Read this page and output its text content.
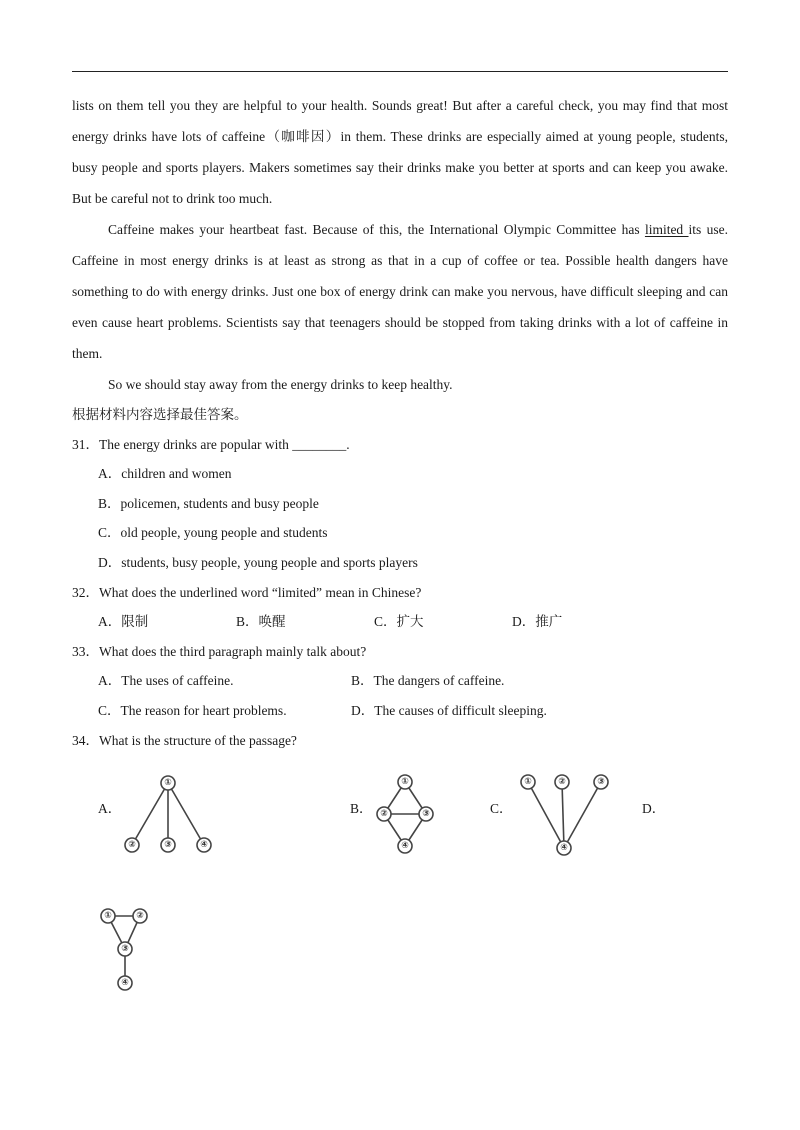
lists on them tell you they are helpful to your health. Sounds great! But after a careful check, you may find that most energy drinks have lots of caffeine（咖啡因）in them. These drinks are especially aimed at young people, students, busy people and sports players. Makers sometimes say their drinks make you better at sports and can keep you awake. But be careful not to drink too much.

Caffeine makes your heartbeat fast. Because of this, the International Olympic Committee has limited its use. Caffeine in most energy drinks is at least as strong as that in a cup of coffee or tea. Possible health dangers have something to do with energy drinks. Just one box of energy drink can make you nervous, have difficult sleeping and can even cause heart problems. Scientists say that teenagers should be stopped from taking drinks with a lot of caffeine in them.

So we should stay away from the energy drinks to keep healthy.

根据材料内容选择最佳答案。
31．The energy drinks are popular with ________.
A．children and women
B．policemen, students and busy people
C．old people, young people and students
D．students, busy people, young people and sports players
32．What does the underlined word “limited” mean in Chinese?
A．限制	B．唤醒	C．扩大	D．推广
33．What does the third paragraph mainly talk about?
A．The uses of caffeine.	B．The dangers of caffeine.
C．The reason for heart problems.	D．The causes of difficult sleeping.
34．What is the structure of the passage?
A．	B．	C．	D．
①
②	③	④
①
②	③
④
①	②	③
④
①	②
③
④
